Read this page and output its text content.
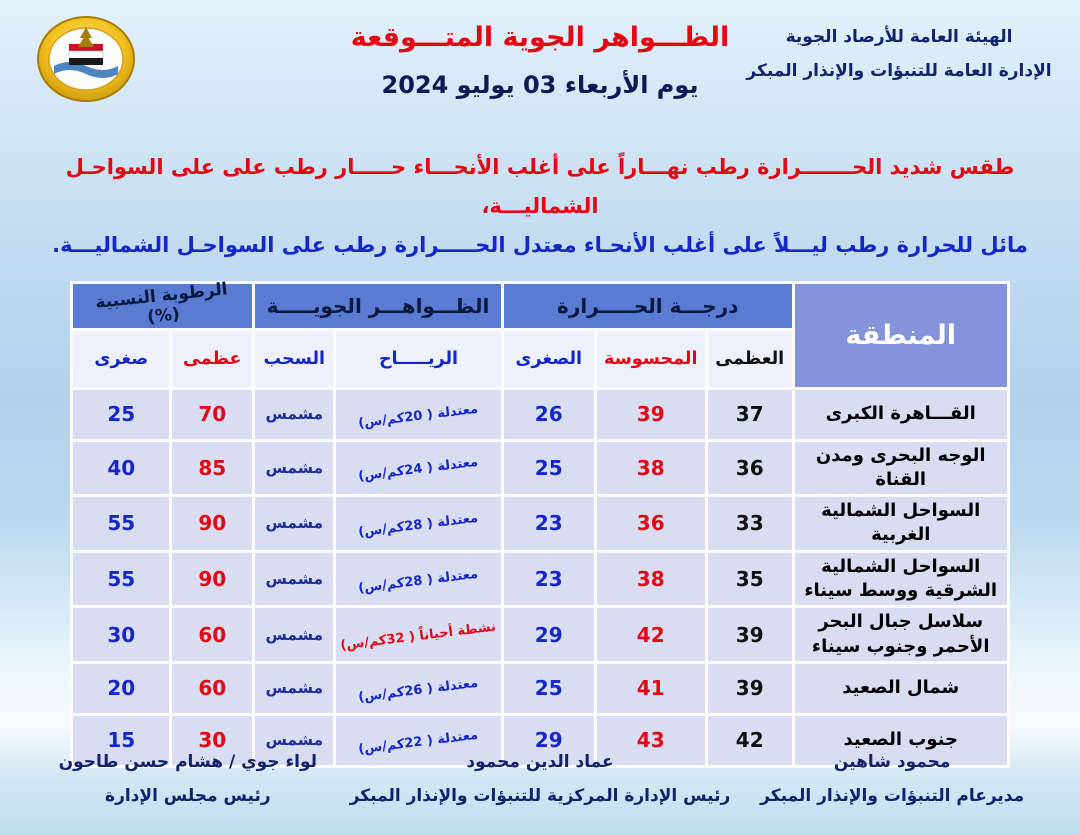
الهيئة العامة للأرصاد الجوية
الإدارة العامة للتنبؤات والإنذار المبكر
الظـــواهر الجوية المتـــوقعة
يوم الأربعاء 03 يوليو 2024
طقس شديد الحـــــــرارة رطب نهـــاراً على أغلب الأنحـــاء حـــــار رطب على على السواحـل الشماليـــة،
مائل للحرارة رطب ليـــلاً على أغلب الأنحـاء معتدل الحـــــرارة رطب على السواحـل الشماليـــة.
المنطقة	درجـــة الحـــــرارة			الظـــواهـــر الجويـــــة		الرطوبة النسبية (%)	
	العظمى	المحسوسة	الصغرى	الريـــــاح	السحب	عظمى	صغرى
القـــاهرة الكبرى	37	39	26	معتدلة ( 20كم/س)	مشمس	70	25
الوجه البحرى ومدن القناة	36	38	25	معتدلة ( 24كم/س)	مشمس	85	40
السواحل الشمالية الغربية	33	36	23	معتدلة ( 28كم/س)	مشمس	90	55
السواحل الشمالية الشرقية ووسط سيناء	35	38	23	معتدلة ( 28كم/س)	مشمس	90	55
سلاسل جبال البحر الأحمر وجنوب سيناء	39	42	29	نشطة أحياناً ( 32كم/س)	مشمس	60	30
شمال الصعيد	39	41	25	معتدلة ( 26كم/س)	مشمس	60	20
جنوب الصعيد	42	43	29	معتدلة ( 22كم/س)	مشمس	30	15
محمود شاهين
مديرعام التنبؤات والإنذار المبكر
عماد الدين محمود
رئيس الإدارة المركزية للتنبؤات والإنذار المبكر
لواء جوي / هشام حسن طاحون
رئيس مجلس الإدارة
